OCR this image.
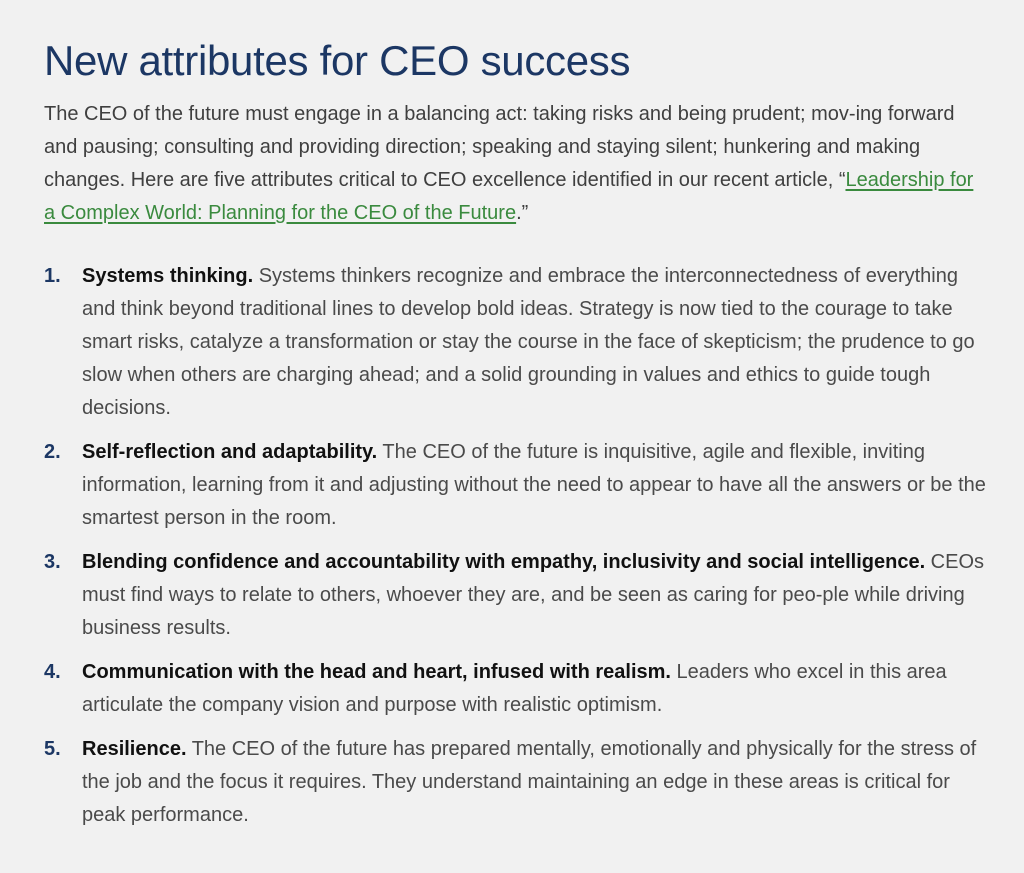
New attributes for CEO success

The CEO of the future must engage in a balancing act: taking risks and being prudent; mov-ing forward and pausing; consulting and providing direction; speaking and staying silent; hunkering and making changes. Here are five attributes critical to CEO excellence identified in our recent article, “Leadership for a Complex World: Planning for the CEO of the Future.”

1. Systems thinking. Systems thinkers recognize and embrace the interconnectedness of everything and think beyond traditional lines to develop bold ideas. Strategy is now tied to the courage to take smart risks, catalyze a transformation or stay the course in the face of skepticism; the prudence to go slow when others are charging ahead; and a solid grounding in values and ethics to guide tough decisions.
2. Self-reflection and adaptability. The CEO of the future is inquisitive, agile and flexible, inviting information, learning from it and adjusting without the need to appear to have all the answers or be the smartest person in the room.
3. Blending confidence and accountability with empathy, inclusivity and social intelligence. CEOs must find ways to relate to others, whoever they are, and be seen as caring for peo-ple while driving business results.
4. Communication with the head and heart, infused with realism. Leaders who excel in this area articulate the company vision and purpose with realistic optimism.
5. Resilience. The CEO of the future has prepared mentally, emotionally and physically for the stress of the job and the focus it requires. They understand maintaining an edge in these areas is critical for peak performance.
